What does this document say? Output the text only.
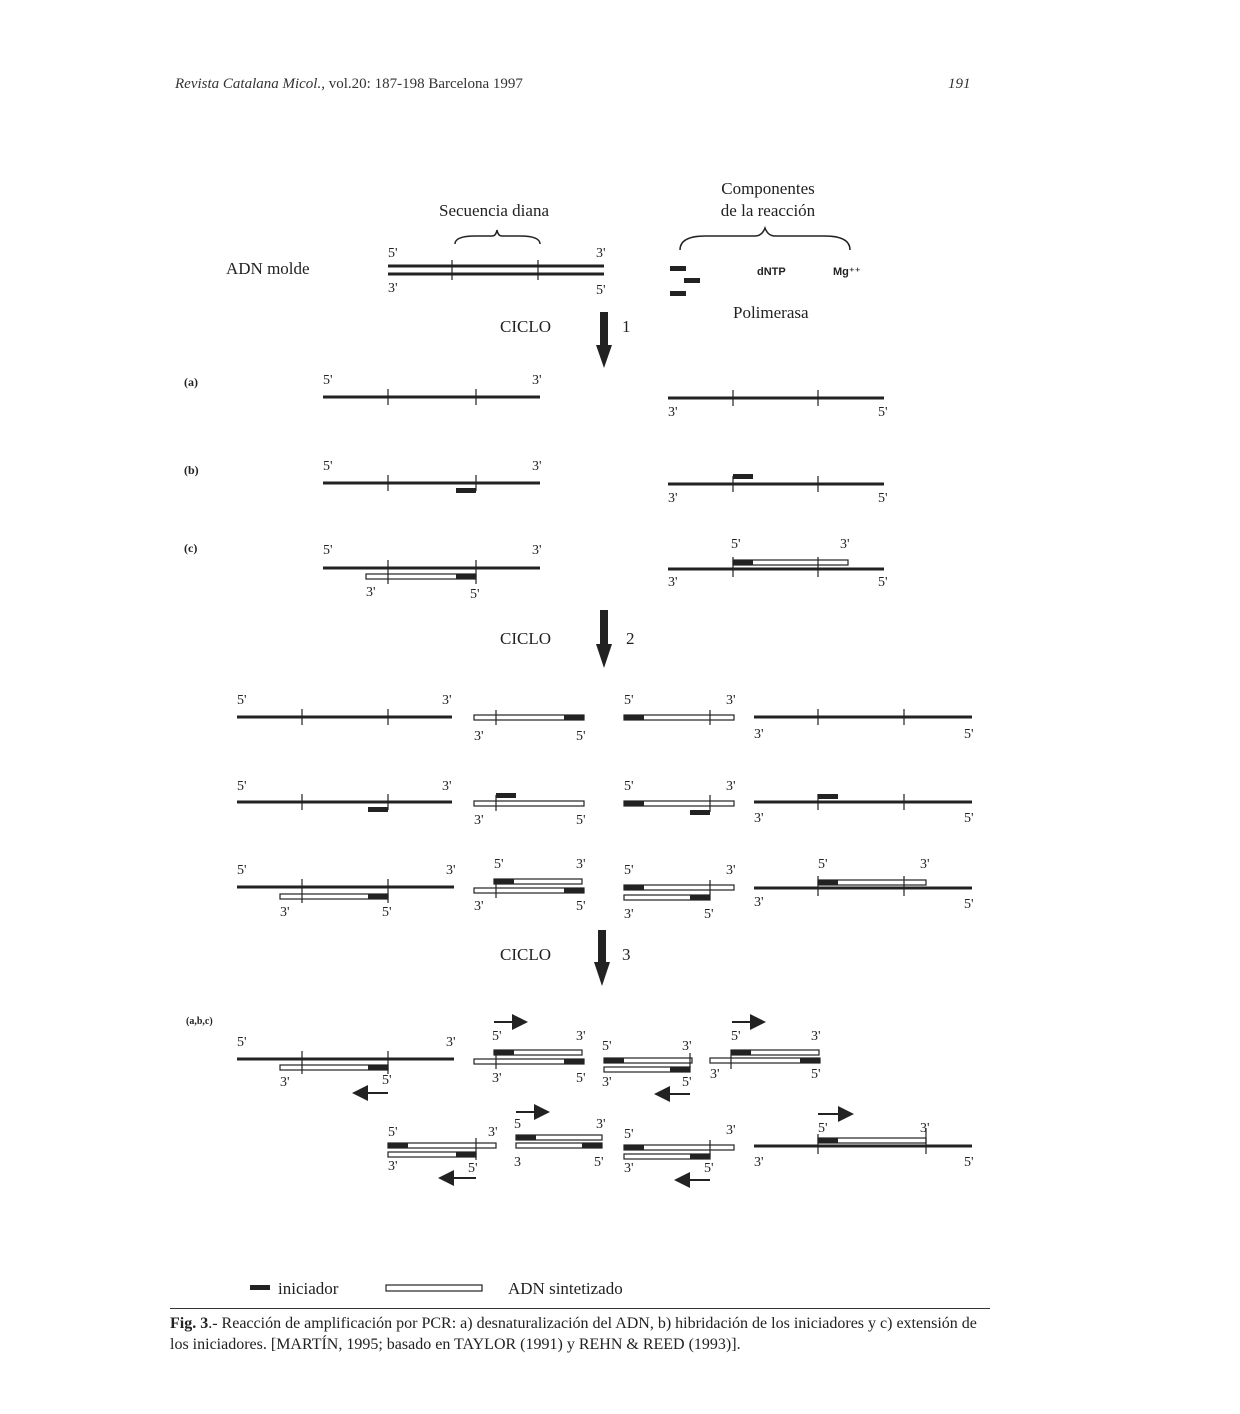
Revista Catalana Micol., vol.20: 187-198 Barcelona 1997	191
Secuencia diana
Componentes
de la reacción
ADN molde
5'	3'
3'	5'
dNTP	Mg⁺⁺
Polimerasa
CICLO	1
(a)	5'	3'
3'	5'
(b)	5'	3'
3'	5'
(c)	5'	3'
3'	5'
5'	3'
3'	5'
CICLO	2
5'	3'
3'	5'
5'	3'
3'	5'
5'	3'
3'	5'
5'	3'
3'	5'
5'	3'
3'	5'
5'	3'
3'	5'
5'	3'
3'	5'
5'	3'
3'	5'
CICLO	3
(a,b,c)
5'	3'
3'	5'
5'	3'
3'	5'
5'	3'
3'	5'
5'	3'
3'	5'
5'	3'
3'	5'
5	3'
3	5'
5'	3'
3'	5'
5'	3'
3'	5'
iniciador	ADN sintetizado
Fig. 3.- Reacción de amplificación por PCR: a) desnaturalización del ADN, b) hibridación de los iniciadores y c) extensión de los iniciadores. [MARTÍN, 1995; basado en TAYLOR (1991) y REHN & REED (1993)].
